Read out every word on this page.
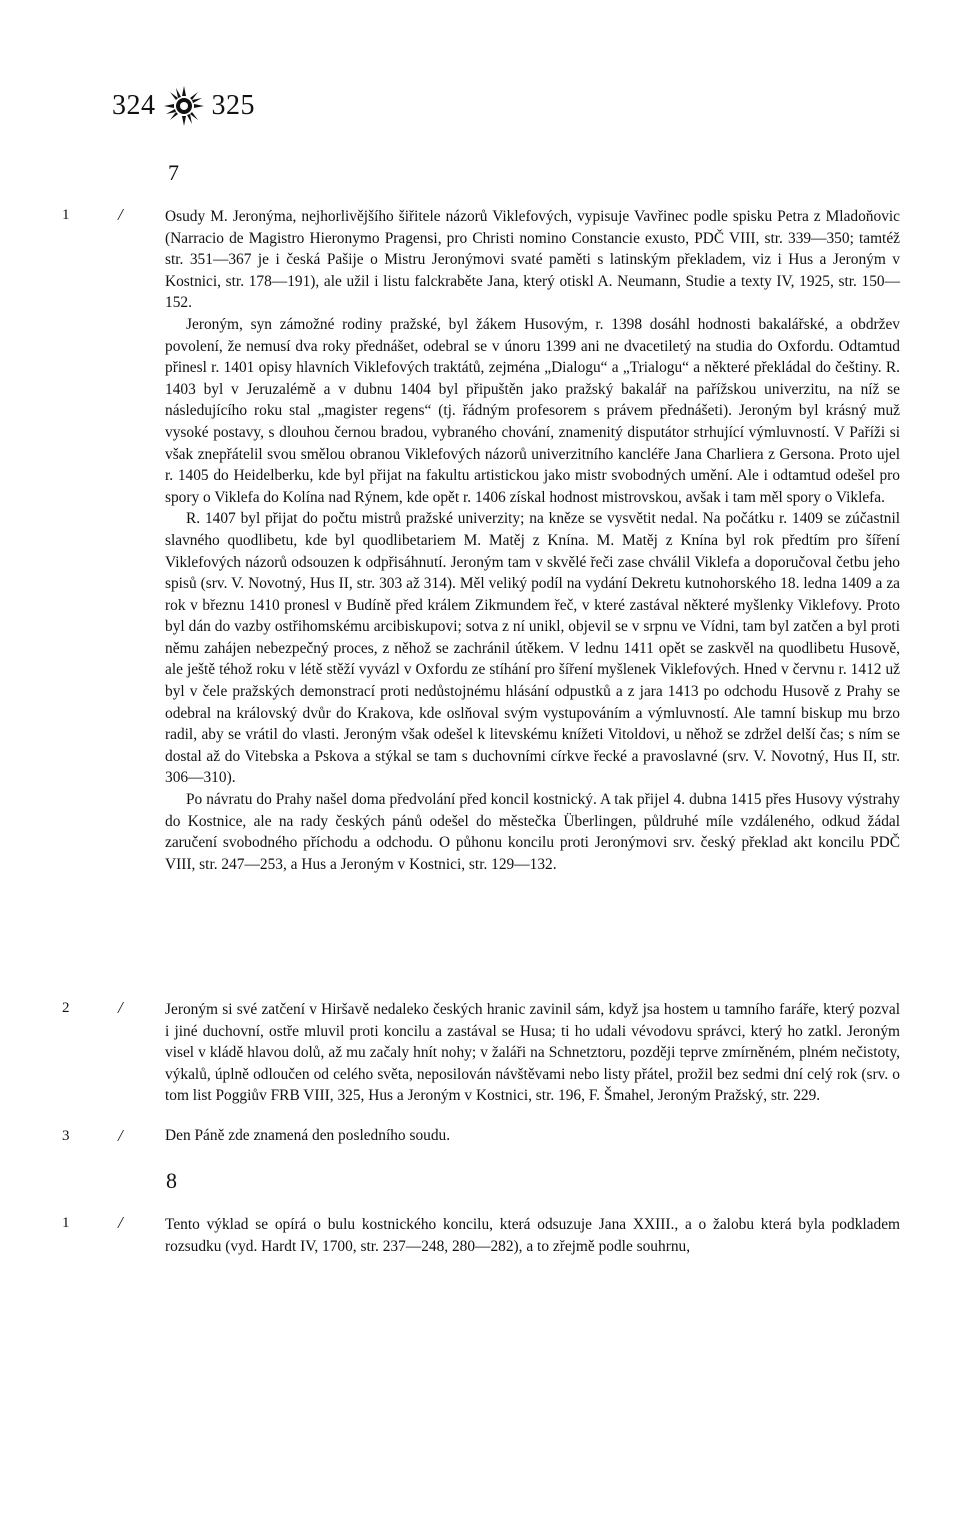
324 325
7
1	/	Osudy M. Jeronýma, nejhorlivějšího šiřitele názorů Viklefových, vypisuje Vavřinec podle spisku Petra z Mladoňovic (Narracio de Magistro Hieronymo Pragensi, pro Christi nomino Constancie exusto, PDČ VIII, str. 339—350; tamtéž str. 351—367 je i česká Pašije o Mistru Jeronýmovi svaté paměti s latinským překladem, viz i Hus a Jeroným v Kostnici, str. 178—191), ale užil i listu falckraběte Jana, který otiskl A. Neumann, Studie a texty IV, 1925, str. 150—152.

Jeroným, syn zámožné rodiny pražské, byl žákem Husovým, r. 1398 dosáhl hodnosti bakalářské, a obdržev povolení, že nemusí dva roky přednášet, odebral se v únoru 1399 ani ne dvacetiletý na studia do Oxfordu. Odtamtud přinesl r. 1401 opisy hlavních Viklefových traktátů, zejména „Dialogu“ a „Trialogu“ a některé překládal do češtiny. R. 1403 byl v Jeruzalémě a v dubnu 1404 byl připuštěn jako pražský bakalář na pařížskou univerzitu, na níž se následujícího roku stal „magister regens“ (tj. řádným profesorem s právem přednášeti). Jeroným byl krásný muž vysoké postavy, s dlouhou černou bradou, vybraného chování, znamenitý disputátor strhující výmluvností. V Paříži si však znepřátelil svou smělou obranou Viklefových názorů univerzitního kancléře Jana Charliera z Gersona. Proto ujel r. 1405 do Heidelberku, kde byl přijat na fakultu artistickou jako mistr svobodných umění. Ale i odtamtud odešel pro spory o Viklefa do Kolína nad Rýnem, kde opět r. 1406 získal hodnost mistrovskou, avšak i tam měl spory o Viklefa.

R. 1407 byl přijat do počtu mistrů pražské univerzity; na kněze se vysvětit nedal. Na počátku r. 1409 se zúčastnil slavného quodlibetu, kde byl quodlibetariem M. Matěj z Knína. M. Matěj z Knína byl rok předtím pro šíření Viklefových názorů odsouzen k odpřisáhnutí. Jeroným tam v skvělé řeči zase chválil Viklefa a doporučoval četbu jeho spisů (srv. V. Novotný, Hus II, str. 303 až 314). Měl veliký podíl na vydání Dekretu kutnohorského 18. ledna 1409 a za rok v březnu 1410 pronesl v Budíně před králem Zikmundem řeč, v které zastával některé myšlenky Viklefovy. Proto byl dán do vazby ostřihomskému arcibiskupovi; sotva z ní unikl, objevil se v srpnu ve Vídni, tam byl zatčen a byl proti němu zahájen nebezpečný proces, z něhož se zachránil útěkem. V lednu 1411 opět se zaskvěl na quodlibetu Husově, ale ještě téhož roku v létě stěží vyvázl v Oxfordu ze stíhání pro šíření myšlenek Viklefových. Hned v červnu r. 1412 už byl v čele pražských demonstrací proti nedůstojnému hlásání odpustků a z jara 1413 po odchodu Husově z Prahy se odebral na královský dvůr do Krakova, kde oslňoval svým vystupováním a výmluvností. Ale tamní biskup mu brzo radil, aby se vrátil do vlasti. Jeroným však odešel k litevskému knížeti Vitoldovi, u něhož se zdržel delší čas; s ním se dostal až do Vitebska a Pskova a stýkal se tam s duchovními církve řecké a pravoslavné (srv. V. Novotný, Hus II, str. 306—310).

Po návratu do Prahy našel doma předvolání před koncil kostnický. A tak přijel 4. dubna 1415 přes Husovy výstrahy do Kostnice, ale na rady českých pánů odešel do městečka Überlingen, půldruhé míle vzdáleného, odkud žádal zaručení svobodného příchodu a odchodu. O půhonu koncilu proti Jeronýmovi srv. český překlad akt koncilu PDČ VIII, str. 247—253, a Hus a Jeroným v Kostnici, str. 129—132.

2	/	Jeroným si své zatčení v Hiršavě nedaleko českých hranic zavinil sám, když jsa hostem u tamního faráře, který pozval i jiné duchovní, ostře mluvil proti koncilu a zastával se Husa; ti ho udali vévodovu správci, který ho zatkl. Jeroným visel v kládě hlavou dolů, až mu začaly hnít nohy; v žaláři na Schnetztoru, později teprve zmírněném, plném nečistoty, výkalů, úplně odloučen od celého světa, neposilován návštěvami nebo listy přátel, prožil bez sedmi dní celý rok (srv. o tom list Poggiův FRB VIII, 325, Hus a Jeroným v Kostnici, str. 196, F. Šmahel, Jeroným Pražský, str. 229.

3	/	Den Páně zde znamená den posledního soudu.

8
1	/	Tento výklad se opírá o bulu kostnického koncilu, která odsuzuje Jana XXIII., a o žalobu která byla podkladem rozsudku (vyd. Hardt IV, 1700, str. 237—248, 280—282), a to zřejmě podle souhrnu,
